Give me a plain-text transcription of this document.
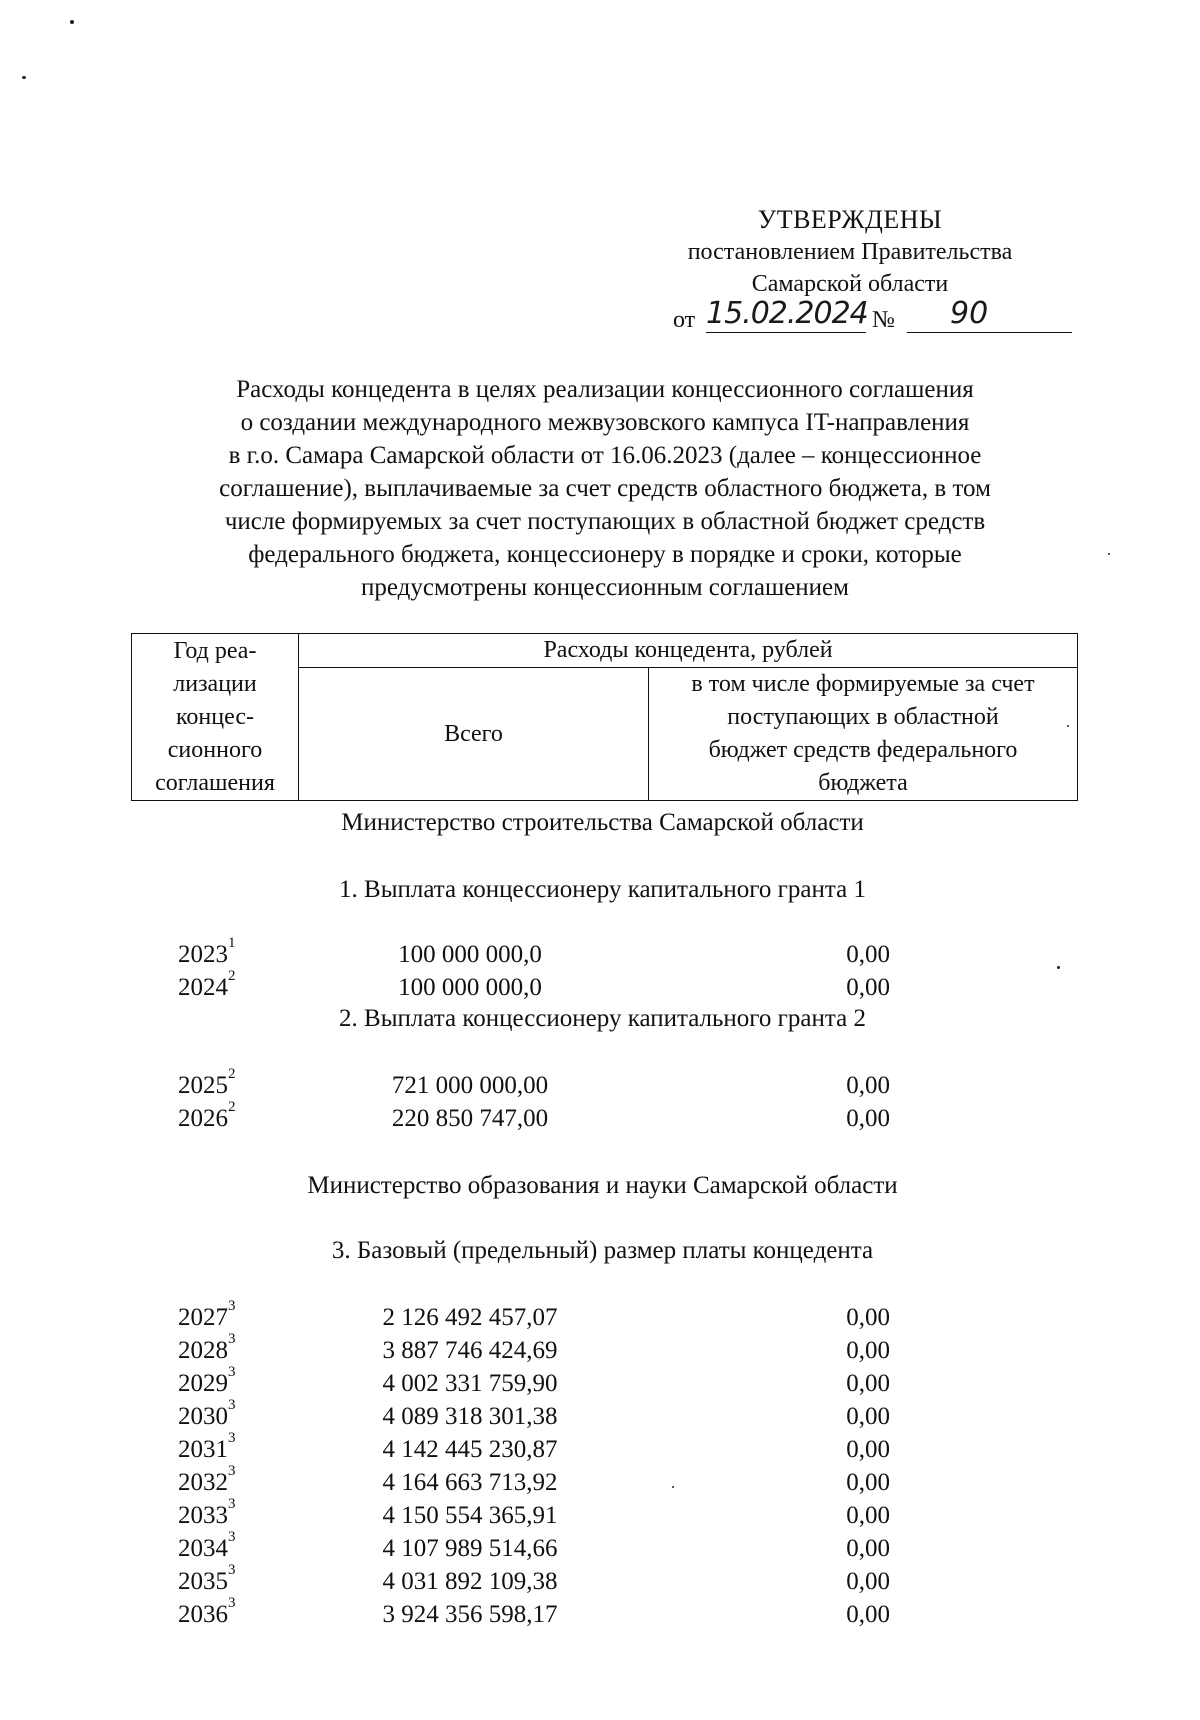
УТВЕРЖДЕНЫ
постановлением Правительства
Самарской области
от 15.02.2024 № 90
Расходы концедента в целях реализации концессионного соглашения
о создании международного межвузовского кампуса IT-направления
в г.о. Самара Самарской области от 16.06.2023 (далее – концессионное
соглашение), выплачиваемые за счет средств областного бюджета, в том
числе формируемых за счет поступающих в областной бюджет средств
федерального бюджета, концессионеру в порядке и сроки, которые
предусмотрены концессионным соглашением
Год реа-
лизации
концес-
сионного
соглашения	Расходы концедента, рублей	
	Всего	в том числе формируемые за счет
поступающих в областной
бюджет средств федерального
бюджета
Министерство строительства Самарской области
1. Выплата концессионеру капитального гранта 1
2023$^1$	100 000 000,0	0,00
2024$^2$	100 000 000,0	0,00
2. Выплата концессионеру капитального гранта 2
2025$^2$	721 000 000,00	0,00
2026$^2$	220 850 747,00	0,00
Министерство образования и науки Самарской области
3. Базовый (предельный) размер платы концедента
2027$^3$	2 126 492 457,07	0,00
2028$^3$	3 887 746 424,69	0,00
2029$^3$	4 002 331 759,90	0,00
2030$^3$	4 089 318 301,38	0,00
2031$^3$	4 142 445 230,87	0,00
2032$^3$	4 164 663 713,92	0,00
2033$^3$	4 150 554 365,91	0,00
2034$^3$	4 107 989 514,66	0,00
2035$^3$	4 031 892 109,38	0,00
2036$^3$	3 924 356 598,17	0,00
